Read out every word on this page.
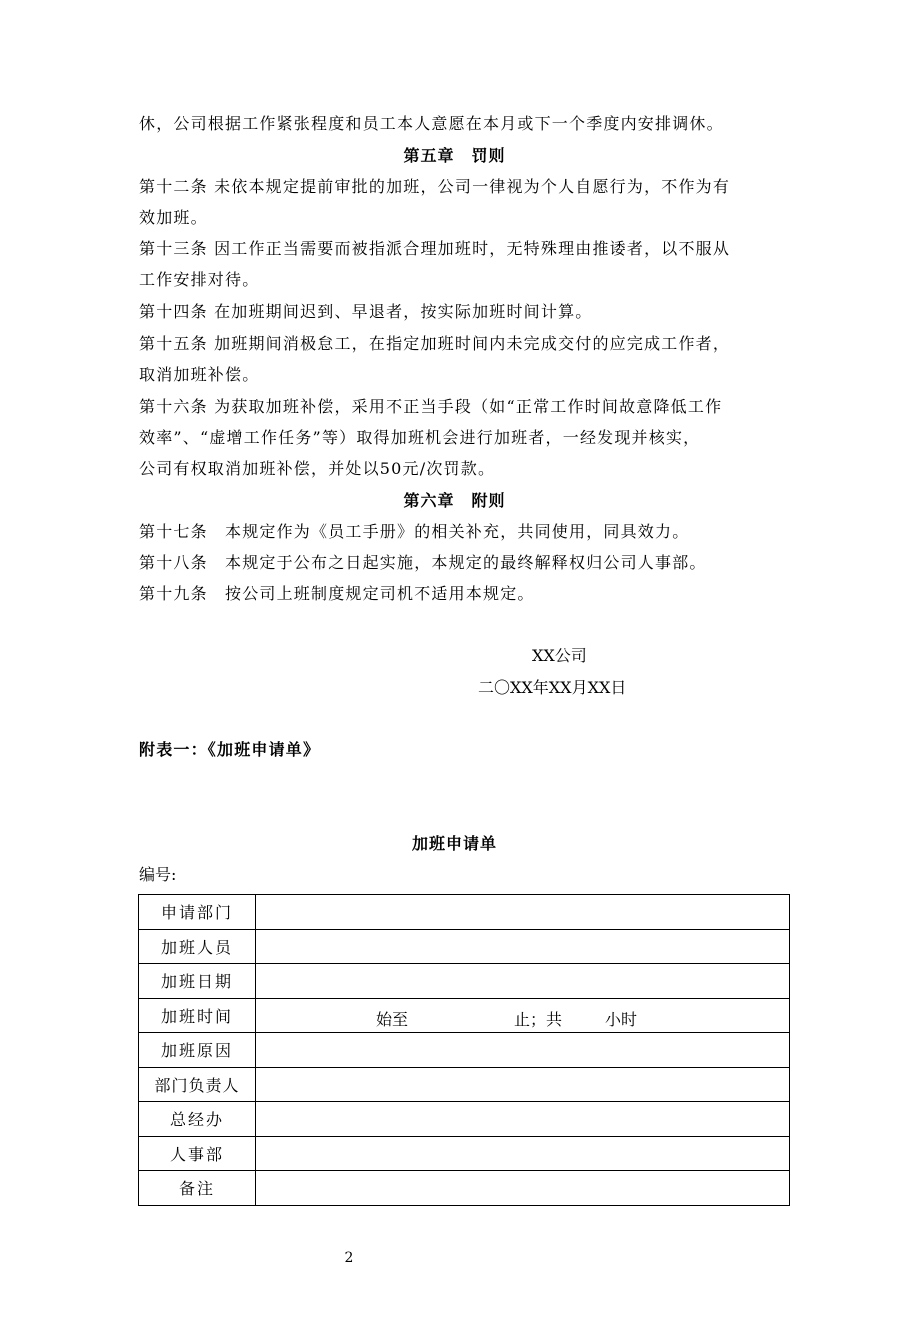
休，公司根据工作紧张程度和员工本人意愿在本月或下一个季度内安排调休。
第五章　罚则
第十二条 未依本规定提前审批的加班，公司一律视为个人自愿行为，不作为有
效加班。
第十三条 因工作正当需要而被指派合理加班时，无特殊理由推诿者，以不服从
工作安排对待。
第十四条 在加班期间迟到、早退者，按实际加班时间计算。
第十五条 加班期间消极怠工，在指定加班时间内未完成交付的应完成工作者，
取消加班补偿。
第十六条 为获取加班补偿，采用不正当手段（如“正常工作时间故意降低工作
效率”、“虚增工作任务”等）取得加班机会进行加班者，一经发现并核实，
公司有权取消加班补偿，并处以50元/次罚款。
第六章　附则
第十七条　本规定作为《员工手册》的相关补充，共同使用，同具效力。
第十八条　本规定于公布之日起实施，本规定的最终解释权归公司人事部。
第十九条　按公司上班制度规定司机不适用本规定。
XX公司
二〇XX年XX月XX日
附表一：《加班申请单》
加班申请单
编号:
申请部门	
加班人员	
加班日期	
加班时间	始至 止；共 小时

加班原因	
部门负责人	
总经办	
人事部	
备注	
2
